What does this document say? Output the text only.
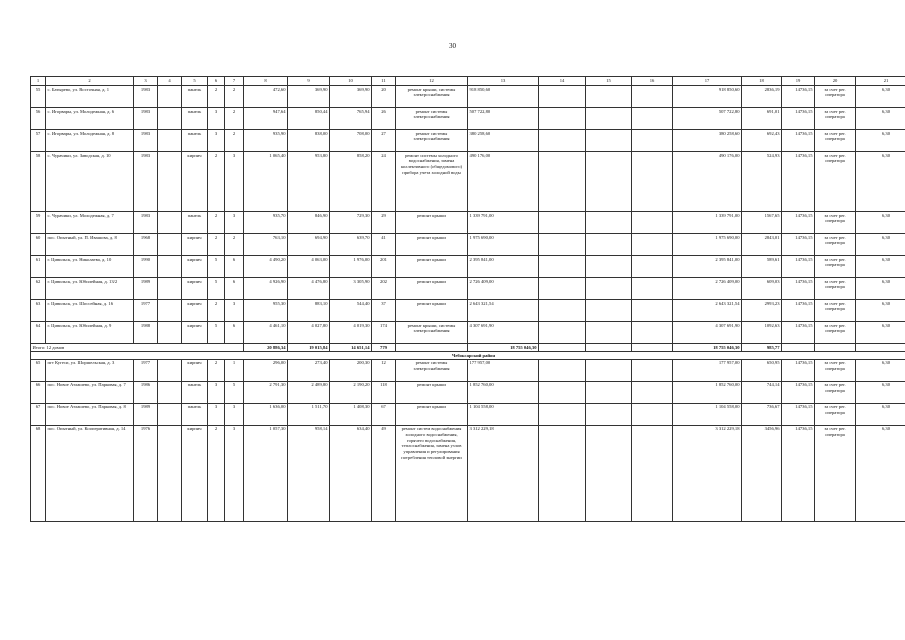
30
1	2	3	4	5	6	7	8	9	10	11	12	13	14	15	16	17	18	19	20	21
55	с. Батырево, ул. Восточная, д. 1	1983		панель	2	2	472,60	369,90	369,90	20	ремонт крыши, системы электроснабжения	918 850,60				918 850,60	2836,19	14736,15	за счет рег. оператора	6,30
56	с. Игорвары, ул. Молодежная, д. 6	1983		панель	3	2	947,64	850,44	765,94	26	ремонт системы электроснабжения	507 722,80				507 722,80	691,01	14736,15	за счет рег. оператора	6,30
57	с. Игорвары, ул. Молодежная, д. 8	1983		панель	3	2	935,90	838,00	708,00	27	ремонт системы электроснабжения	380 258,60				380 258,60	692,43	14736,15	за счет рег. оператора	6,30
58	с. Чурачики, ул. Заводская, д. 10	1983		кирпич	2	3	1 065,40	953,80	858,20	24	ремонт системы холодного водоснабжения, замена коллективного (общедомового) прибора учета холодной воды	490 176,00				490 176,00	524,93	14736,15	за счет рег. оператора	6,30
59	с. Чурачики, ул. Молодежная, д. 7	1983		панель	2	3	935,70	846,90	729,30	29	ремонт крыши	1 339 791,00				1 339 791,00	1567,65	14736,15	за счет рег. оператора	6,30
60	пос. Опытный, ул. П. Ивашова, д. 8	1968		кирпич	2	2	763,10	694,90	639,70	41	ремонт крыши	1 975 690,00				1 975 690,00	2843,01	14736,15	за счет рег. оператора	6,30
61	г. Цивильск, ул. Николаева, д. 10	1990		кирпич	5	6	4 490,20	4 063,00	1 976,00	201	ремонт крыши	2 395 841,00				2 395 841,00	589,61	14736,15	за счет рег. оператора	6,30
62	г. Цивильск, ул. Юбилейная, д. 13/2	1989		кирпич	5	6	4 926,90	4 476,80	3 305,90	202	ремонт крыши	2 726 409,00				2 726 409,00	609,03	14736,15	за счет рег. оператора	6,30
63	г. Цивильск, ул. Шоссейная, д. 16	1977		кирпич	2	3	955,30	883,10	544,40	37	ремонт крыши	2 643 321,54				2 643 321,54	2993,23	14736,15	за счет рег. оператора	6,30
64	г. Цивильск, ул. Юбилейная, д. 9	1988		кирпич	5	6	4 461,10	4 027,80	4 019,30	174	ремонт крыши, системы электроснабжения	4 307 691,90				4 307 691,90	1092,63	14736,15	за счет рег. оператора	6,30
Итого: 12 домов							20 886,34	19 015,84	14 651,14	779		18 755 046,30				18 755 046,30	985,77			
Чебоксарский район																				
65	пгт Кугеси, ул. Шоршельская, д. 3	1977		кирпич	2	1	296,00	273,40	200,30	12	ремонт системы электроснабжения	177 957,00				177 957,00	650,95	14736,15	за счет рег. оператора	6,30
66	пос. Новое Атлашево, ул. Парковая, д. 7	1986		панель	3	5	2 791,30	2 489,80	2 190,20	118	ремонт крыши	1 852 760,00				1 852 760,00	744,14	14736,15	за счет рег. оператора	6,30
67	пос. Новое Атлашево, ул. Парковая, д. 8	1989		панель	3	3	1 636,00	1 511,70	1 408,30	67	ремонт крыши	1 104 558,00				1 104 558,00	736,67	14736,15	за счет рег. оператора	6,30
68	пос. Опытный, ул. Кооперативная, д. 14	1976		кирпич	2	3	1 057,30	958,14	634,40	49	ремонт систем водоснабжения холодного водоснабжения, горячего водоснабжения, теплоснабжения, замена узлов управления и регулирования потребления тепловой энергии	3 312 229,18				3 312 229,18	3456,96	14736,15	за счет рег. оператора	6,30
